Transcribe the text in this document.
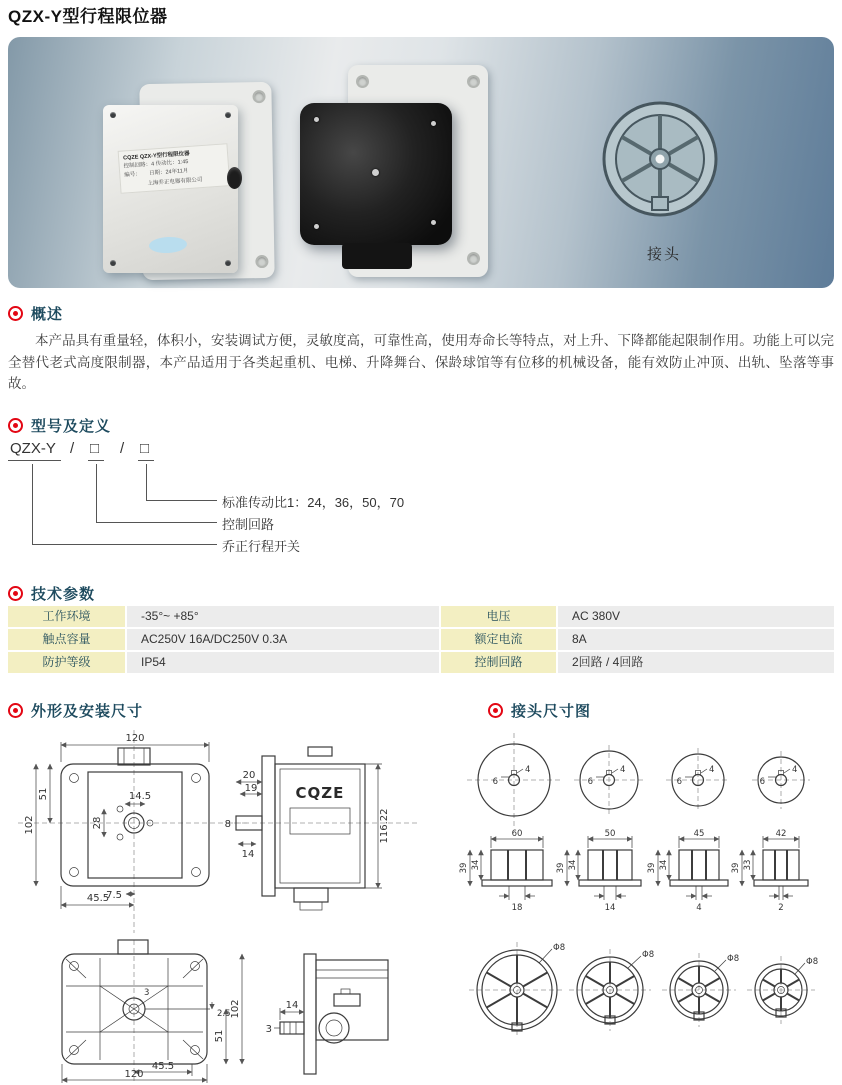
QZX-Y型行程限位器
CQZE QZX-Y型行程限位器
控制回路：4 传动比：1:45
编号：　　日期：24年11月
上海乔正电器有限公司
接头
概述

本产品具有重量轻，体积小，安装调试方便，灵敏度高，可靠性高，使用寿命长等特点，对上升、下降都能起限制作用。功能上可以完全替代老式高度限制器，本产品适用于各类起重机、电梯、升降舞台、保龄球馆等有位移的机械设备，能有效防止冲顶、出轨、坠落等事故。

型号及定义
QZX-Y / □	/ □
标准传动比1：24，36，50，70
控制回路
乔正行程开关
技术参数
工作环境	-35°~ +85°	电压	AC 380V
触点容量	AC250V 16A/DC250V 0.3A	额定电流	8A
防护等级	IP54	控制回路	2回路 / 4回路
外形及安装尺寸	接头尺寸图
120
102
51
28
14.5
7.5
45.5
CQZE
20
19
14
8	116.22
3
2.5
51
102
45.5
120
14
3
4
6
4
6
4
6
4
6
60
39 34
18
50
39 34
14
45
39 34
4
42
39 33
2
Φ8
Φ8	Φ8	Φ8
